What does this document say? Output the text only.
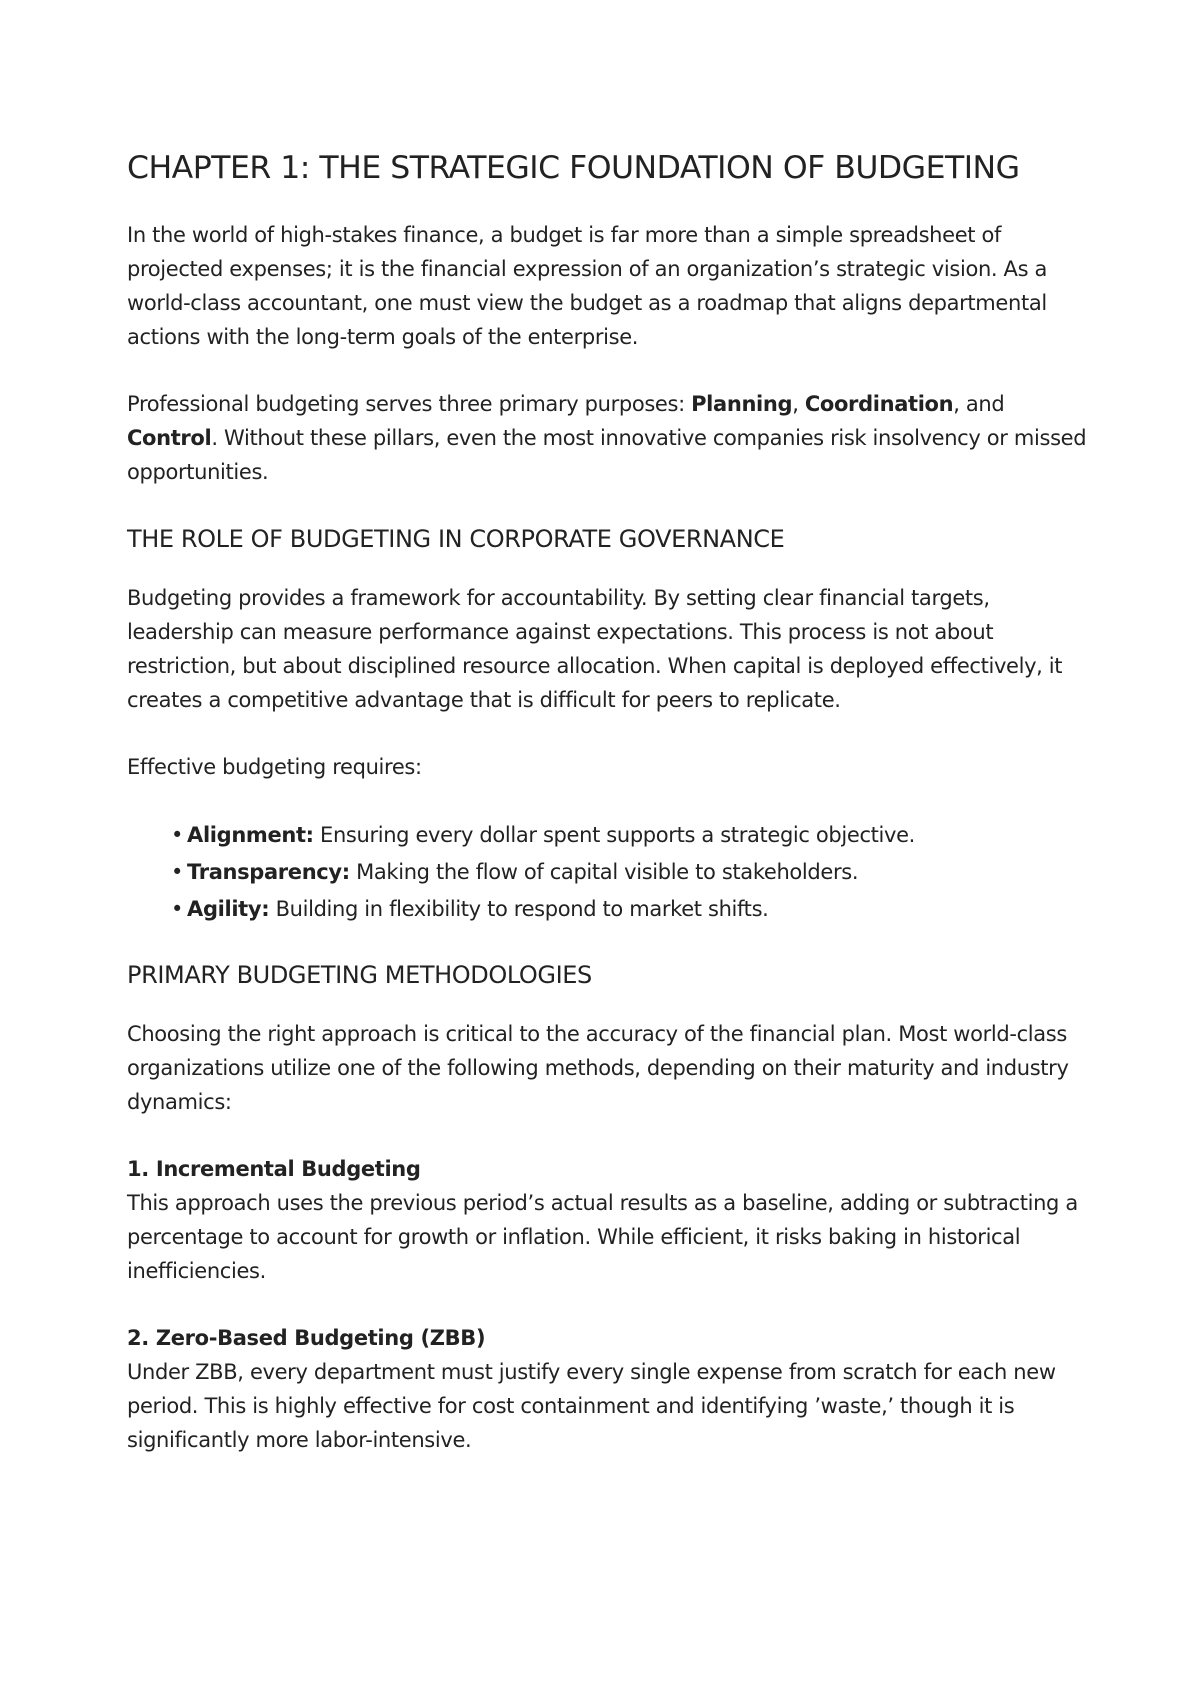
CHAPTER 1: THE STRATEGIC FOUNDATION OF BUDGETING

In the world of high-stakes finance, a budget is far more than a simple spreadsheet of projected expenses; it is the financial expression of an organization’s strategic vision. As a world-class accountant, one must view the budget as a roadmap that aligns departmental actions with the long-term goals of the enterprise.

Professional budgeting serves three primary purposes: Planning, Coordination, and Control. Without these pillars, even the most innovative companies risk insolvency or missed opportunities.

THE ROLE OF BUDGETING IN CORPORATE GOVERNANCE

Budgeting provides a framework for accountability. By setting clear financial targets, leadership can measure performance against expectations. This process is not about restriction, but about disciplined resource allocation. When capital is deployed effectively, it creates a competitive advantage that is difficult for peers to replicate.

Effective budgeting requires:

• Alignment: Ensuring every dollar spent supports a strategic objective.
• Transparency: Making the flow of capital visible to stakeholders.
• Agility: Building in flexibility to respond to market shifts.
PRIMARY BUDGETING METHODOLOGIES

Choosing the right approach is critical to the accuracy of the financial plan. Most world-class organizations utilize one of the following methods, depending on their maturity and industry dynamics:

1. Incremental Budgeting
This approach uses the previous period’s actual results as a baseline, adding or subtracting a percentage to account for growth or inflation. While efficient, it risks baking in historical inefficiencies.
2. Zero-Based Budgeting (ZBB)
Under ZBB, every department must justify every single expense from scratch for each new period. This is highly effective for cost containment and identifying ’waste,’ though it is significantly more labor-intensive.
